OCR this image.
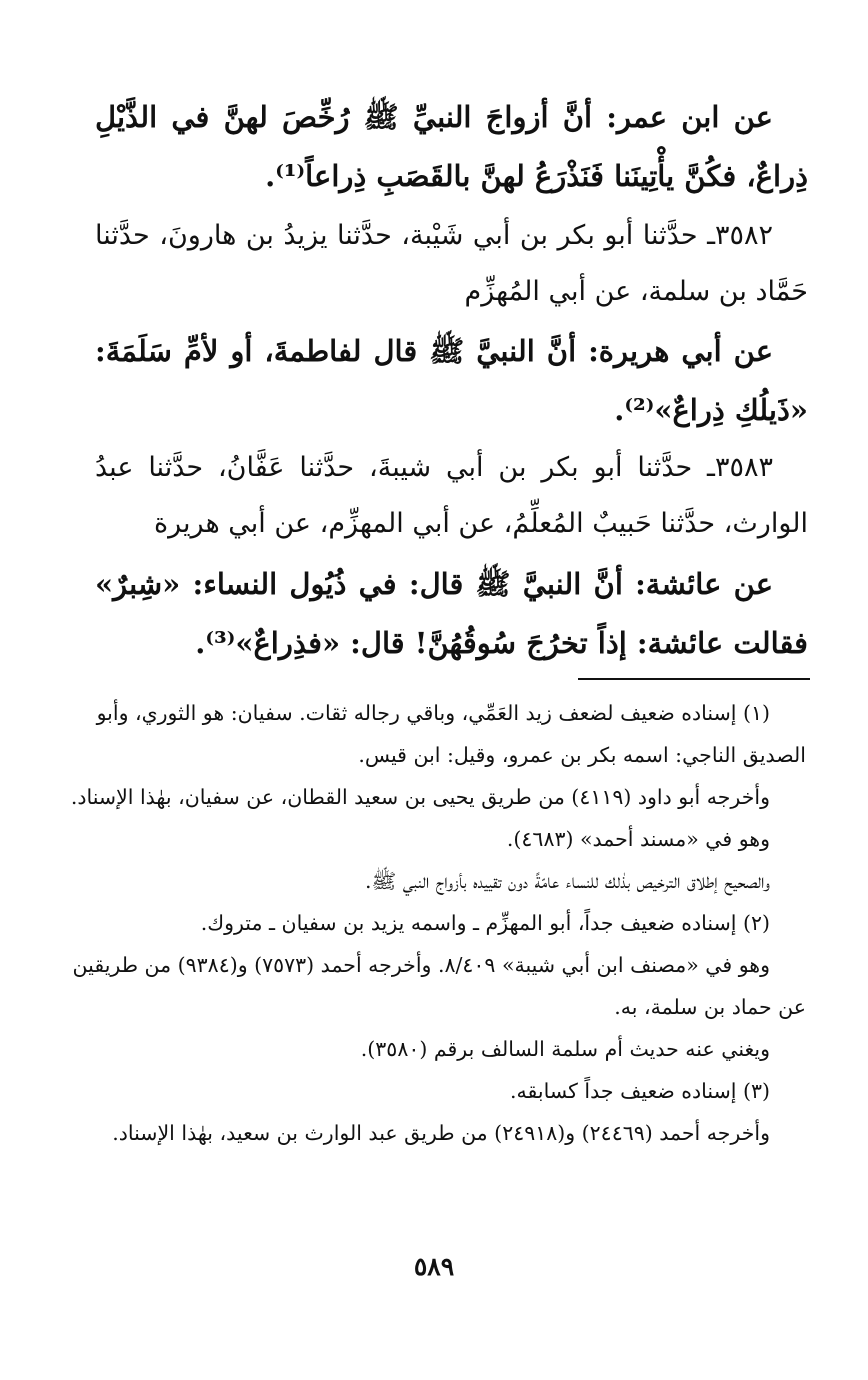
عن ابن عمر: أنَّ أزواجَ النبيِّ ﷺ رُخِّصَ لهنَّ في الذَّيْلِ ذِراعٌ، فكُنَّ يأْتِينَنا فَنَذْرَعُ لهنَّ بالقَصَبِ ذِراعاً⁽¹⁾.

٣٥٨٢ـ حدَّثنا أبو بكر بن أبي شَيْبة، حدَّثنا يزيدُ بن هارونَ، حدَّثنا حَمَّاد بن سلمة، عن أبي المُهزِّم

عن أبي هريرة: أنَّ النبيَّ ﷺ قال لفاطمةَ، أو لأمِّ سَلَمَةَ: «ذَيلُكِ ذِراعٌ»⁽²⁾.

٣٥٨٣ـ حدَّثنا أبو بكر بن أبي شيبةَ، حدَّثنا عَفَّانُ، حدَّثنا عبدُ الوارث، حدَّثنا حَبيبٌ المُعلِّمُ، عن أبي المهزِّم، عن أبي هريرة

عن عائشة: أنَّ النبيَّ ﷺ قال: في ذُيُول النساء: «شِبرٌ» فقالت عائشة: إذاً تخرُجَ سُوقُهُنَّ! قال: «فذِراعٌ»⁽³⁾.

(١) إسناده ضعيف لضعف زيد العَمِّي، وباقي رجاله ثقات. سفيان: هو الثوري، وأبو الصديق الناجي: اسمه بكر بن عمرو، وقيل: ابن قيس.

وأخرجه أبو داود (٤١١٩) من طريق يحيى بن سعيد القطان، عن سفيان، بهٰذا الإسناد.

وهو في «مسند أحمد» (٤٦٨٣).

والصحيح إطلاق الترخيص بذٰلك للنساء عامّةً دون تقييده بأزواج النبي ﷺ.

(٢) إسناده ضعيف جداً، أبو المهزِّم ـ واسمه يزيد بن سفيان ـ متروك.

وهو في «مصنف ابن أبي شيبة» ٨/٤٠٩. وأخرجه أحمد (٧٥٧٣) و(٩٣٨٤) من طريقين عن حماد بن سلمة، به.

ويغني عنه حديث أم سلمة السالف برقم (٣٥٨٠).

(٣) إسناده ضعيف جداً كسابقه.

وأخرجه أحمد (٢٤٤٦٩) و(٢٤٩١٨) من طريق عبد الوارث بن سعيد، بهٰذا الإسناد.

٥٨٩
